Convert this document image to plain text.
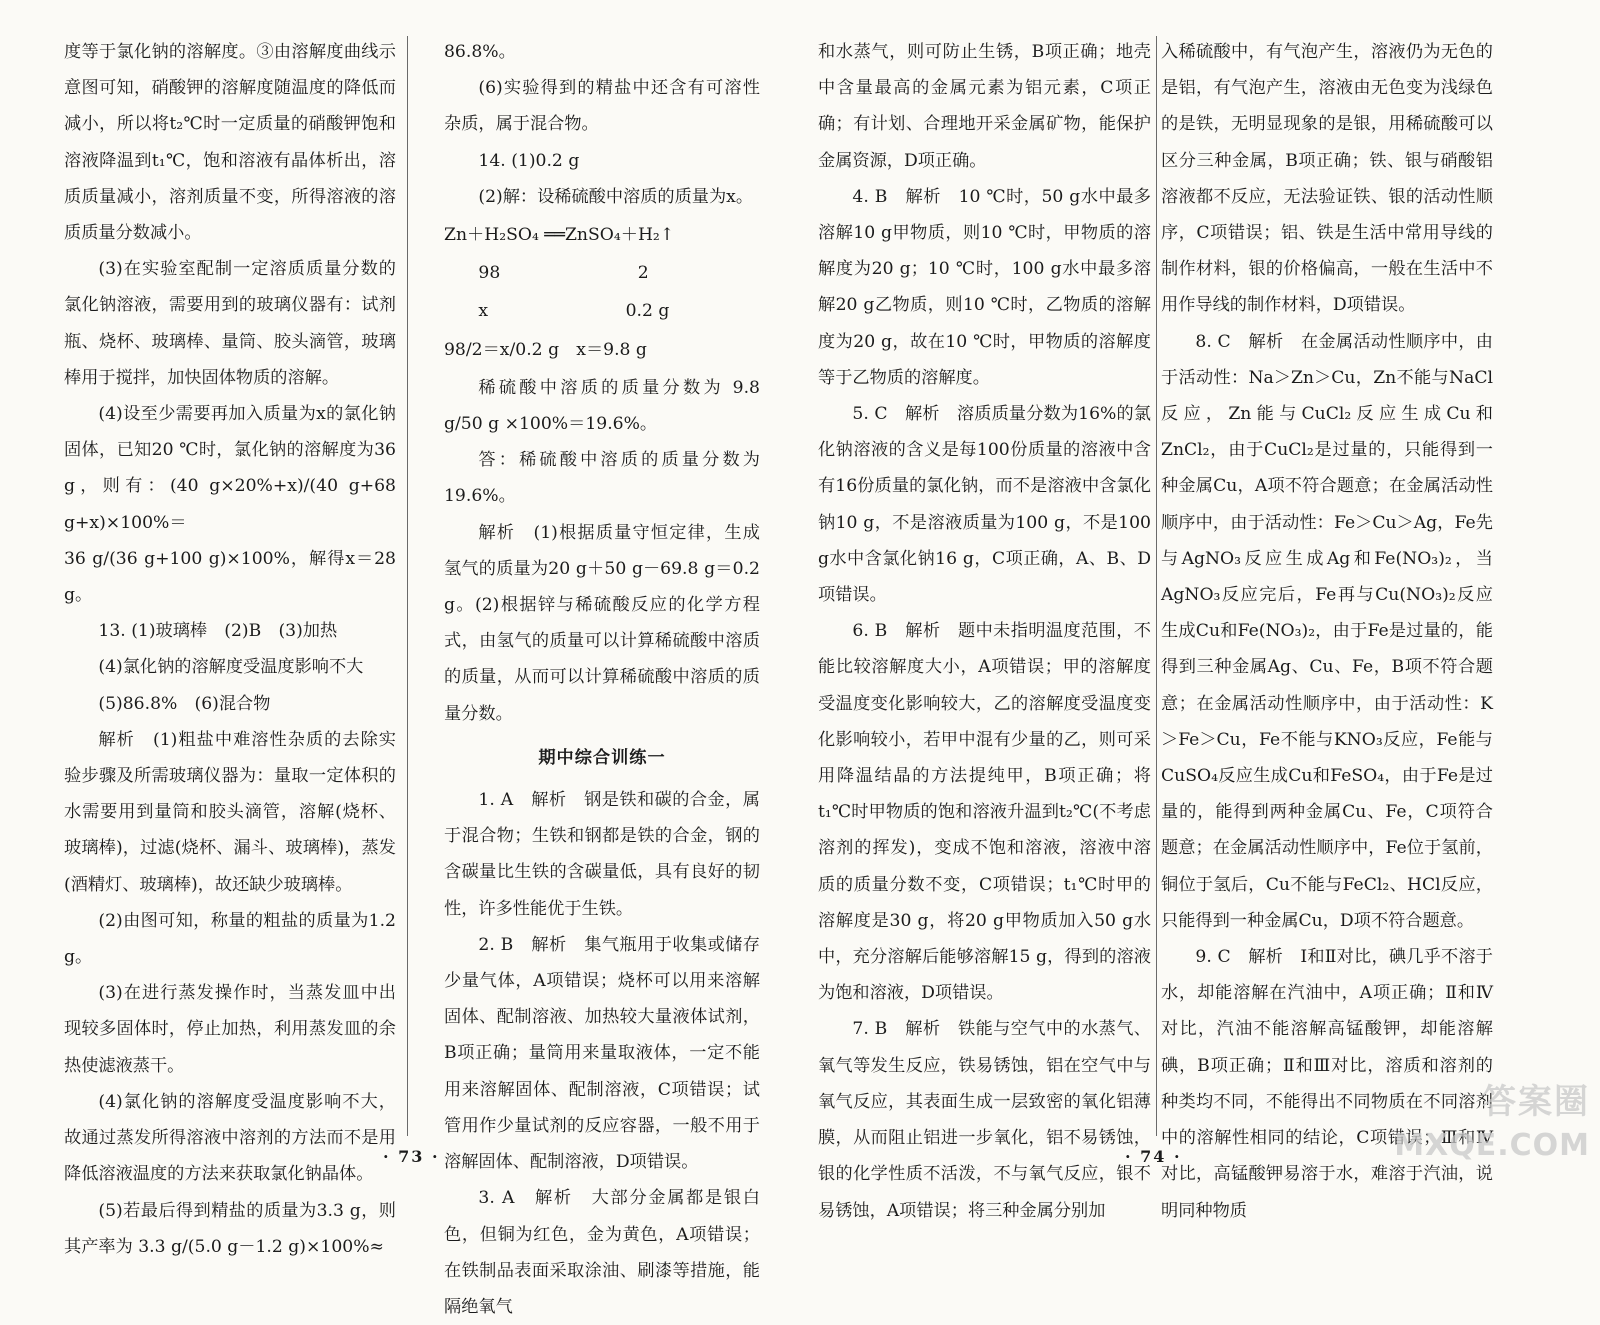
度等于氯化钠的溶解度。③由溶解度曲线示意图可知，硝酸钾的溶解度随温度的降低而减小，所以将t₂℃时一定质量的硝酸钾饱和溶液降温到t₁℃，饱和溶液有晶体析出，溶质质量减小，溶剂质量不变，所得溶液的溶质质量分数减小。

(3)在实验室配制一定溶质质量分数的氯化钠溶液，需要用到的玻璃仪器有：试剂瓶、烧杯、玻璃棒、量筒、胶头滴管，玻璃棒用于搅拌，加快固体物质的溶解。

(4)设至少需要再加入质量为x的氯化钠固体，已知20 ℃时，氯化钠的溶解度为36 g，则有：(40 g×20%+x)/(40 g+68 g+x)×100%＝

36 g/(36 g+100 g)×100%，解得x＝28 g。

13. (1)玻璃棒　(2)B　(3)加热

(4)氯化钠的溶解度受温度影响不大

(5)86.8%　(6)混合物

解析　(1)粗盐中难溶性杂质的去除实验步骤及所需玻璃仪器为：量取一定体积的水需要用到量筒和胶头滴管，溶解(烧杯、玻璃棒)，过滤(烧杯、漏斗、玻璃棒)，蒸发(酒精灯、玻璃棒)，故还缺少玻璃棒。

(2)由图可知，称量的粗盐的质量为1.2 g。

(3)在进行蒸发操作时，当蒸发皿中出现较多固体时，停止加热，利用蒸发皿的余热使滤液蒸干。

(4)氯化钠的溶解度受温度影响不大，故通过蒸发所得溶液中溶剂的方法而不是用降低溶液温度的方法来获取氯化钠晶体。

(5)若最后得到精盐的质量为3.3 g，则其产率为 3.3 g/(5.0 g－1.2 g)×100%≈

86.8%。

(6)实验得到的精盐中还含有可溶性杂质，属于混合物。

14. (1)0.2 g

(2)解：设稀硫酸中溶质的质量为x。

Zn＋H₂SO₄ ══ZnSO₄＋H₂↑

98　　　　　　　　2

x　　　　　　　　0.2 g

98/2＝x/0.2 g　x＝9.8 g

稀硫酸中溶质的质量分数为 9.8 g/50 g ×100%＝19.6%。

答：稀硫酸中溶质的质量分数为19.6%。

解析　(1)根据质量守恒定律，生成氢气的质量为20 g＋50 g－69.8 g＝0.2 g。(2)根据锌与稀硫酸反应的化学方程式，由氢气的质量可以计算稀硫酸中溶质的质量，从而可以计算稀硫酸中溶质的质量分数。

期中综合训练一

1. A　解析　钢是铁和碳的合金，属于混合物；生铁和钢都是铁的合金，钢的含碳量比生铁的含碳量低，具有良好的韧性，许多性能优于生铁。

2. B　解析　集气瓶用于收集或储存少量气体，A项错误；烧杯可以用来溶解固体、配制溶液、加热较大量液体试剂，B项正确；量筒用来量取液体，一定不能用来溶解固体、配制溶液，C项错误；试管用作少量试剂的反应容器，一般不用于溶解固体、配制溶液，D项错误。

3. A　解析　大部分金属都是银白色，但铜为红色，金为黄色，A项错误；在铁制品表面采取涂油、刷漆等措施，能隔绝氧气

和水蒸气，则可防止生锈，B项正确；地壳中含量最高的金属元素为铝元素，C项正确；有计划、合理地开采金属矿物，能保护金属资源，D项正确。

4. B　解析　10 ℃时，50 g水中最多溶解10 g甲物质，则10 ℃时，甲物质的溶解度为20 g；10 ℃时，100 g水中最多溶解20 g乙物质，则10 ℃时，乙物质的溶解度为20 g，故在10 ℃时，甲物质的溶解度等于乙物质的溶解度。

5. C　解析　溶质质量分数为16%的氯化钠溶液的含义是每100份质量的溶液中含有16份质量的氯化钠，而不是溶液中含氯化钠10 g，不是溶液质量为100 g，不是100 g水中含氯化钠16 g，C项正确，A、B、D项错误。

6. B　解析　题中未指明温度范围，不能比较溶解度大小，A项错误；甲的溶解度受温度变化影响较大，乙的溶解度受温度变化影响较小，若甲中混有少量的乙，则可采用降温结晶的方法提纯甲，B项正确；将t₁℃时甲物质的饱和溶液升温到t₂℃(不考虑溶剂的挥发)，变成不饱和溶液，溶液中溶质的质量分数不变，C项错误；t₁℃时甲的溶解度是30 g，将20 g甲物质加入50 g水中，充分溶解后能够溶解15 g，得到的溶液为饱和溶液，D项错误。

7. B　解析　铁能与空气中的水蒸气、氧气等发生反应，铁易锈蚀，铝在空气中与氧气反应，其表面生成一层致密的氧化铝薄膜，从而阻止铝进一步氧化，铝不易锈蚀，银的化学性质不活泼，不与氧气反应，银不易锈蚀，A项错误；将三种金属分别加

入稀硫酸中，有气泡产生，溶液仍为无色的是铝，有气泡产生，溶液由无色变为浅绿色的是铁，无明显现象的是银，用稀硫酸可以区分三种金属，B项正确；铁、银与硝酸铝溶液都不反应，无法验证铁、银的活动性顺序，C项错误；铝、铁是生活中常用导线的制作材料，银的价格偏高，一般在生活中不用作导线的制作材料，D项错误。

8. C　解析　在金属活动性顺序中，由于活动性：Na＞Zn＞Cu，Zn不能与NaCl反应，Zn能与CuCl₂反应生成Cu和ZnCl₂，由于CuCl₂是过量的，只能得到一种金属Cu，A项不符合题意；在金属活动性顺序中，由于活动性：Fe＞Cu＞Ag，Fe先与AgNO₃反应生成Ag和Fe(NO₃)₂，当AgNO₃反应完后，Fe再与Cu(NO₃)₂反应生成Cu和Fe(NO₃)₂，由于Fe是过量的，能得到三种金属Ag、Cu、Fe，B项不符合题意；在金属活动性顺序中，由于活动性：K＞Fe＞Cu，Fe不能与KNO₃反应，Fe能与CuSO₄反应生成Cu和FeSO₄，由于Fe是过量的，能得到两种金属Cu、Fe，C项符合题意；在金属活动性顺序中，Fe位于氢前，铜位于氢后，Cu不能与FeCl₂、HCl反应，只能得到一种金属Cu，D项不符合题意。

9. C　解析　Ⅰ和Ⅱ对比，碘几乎不溶于水，却能溶解在汽油中，A项正确；Ⅱ和Ⅳ对比，汽油不能溶解高锰酸钾，却能溶解碘，B项正确；Ⅱ和Ⅲ对比，溶质和溶剂的种类均不同，不能得出不同物质在不同溶剂中的溶解性相同的结论，C项错误；Ⅲ和Ⅳ对比，高锰酸钾易溶于水，难溶于汽油，说明同种物质

· 73 ·	· 74 ·
答案圈
MXQE.COM
